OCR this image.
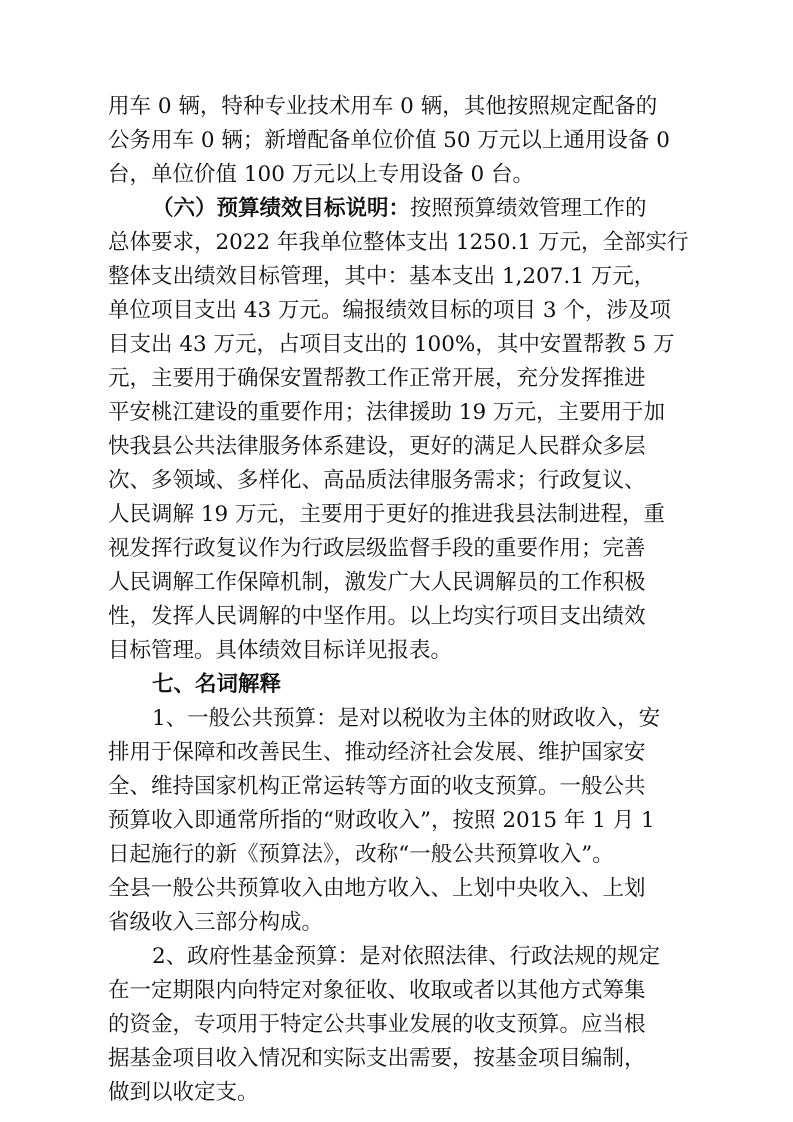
用车 0 辆，特种专业技术用车 0 辆，其他按照规定配备的
公务用车 0 辆；新增配备单位价值 50 万元以上通用设备 0
台，单位价值 100 万元以上专用设备 0 台。
（六）预算绩效目标说明：按照预算绩效管理工作的
总体要求，2022 年我单位整体支出 1250.1 万元，全部实行
整体支出绩效目标管理，其中：基本支出 1,207.1 万元，
单位项目支出 43 万元。编报绩效目标的项目 3 个，涉及项
目支出 43 万元，占项目支出的 100%，其中安置帮教 5 万
元，主要用于确保安置帮教工作正常开展，充分发挥推进
平安桃江建设的重要作用；法律援助 19 万元，主要用于加
快我县公共法律服务体系建设，更好的满足人民群众多层
次、多领域、多样化、高品质法律服务需求；行政复议、
人民调解 19 万元，主要用于更好的推进我县法制进程，重
视发挥行政复议作为行政层级监督手段的重要作用；完善
人民调解工作保障机制，激发广大人民调解员的工作积极
性，发挥人民调解的中坚作用。以上均实行项目支出绩效
目标管理。具体绩效目标详见报表。
七、名词解释
1、一般公共预算：是对以税收为主体的财政收入，安
排用于保障和改善民生、推动经济社会发展、维护国家安
全、维持国家机构正常运转等方面的收支预算。一般公共
预算收入即通常所指的“财政收入”，按照 2015 年 1 月 1
日起施行的新《预算法》，改称“一般公共预算收入”。
全县一般公共预算收入由地方收入、上划中央收入、上划
省级收入三部分构成。
2、政府性基金预算：是对依照法律、行政法规的规定
在一定期限内向特定对象征收、收取或者以其他方式筹集
的资金，专项用于特定公共事业发展的收支预算。应当根
据基金项目收入情况和实际支出需要，按基金项目编制，
做到以收定支。
